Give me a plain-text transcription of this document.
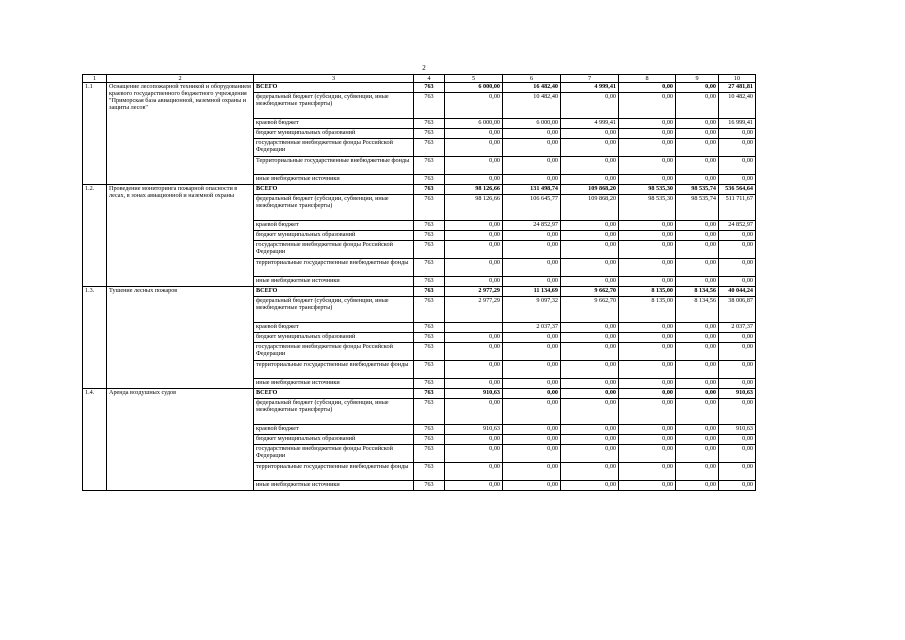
2
1	2	3	4	5	6	7	8	9	10
1.1	Оснащение лесопожарной техникой и оборудованием краевого государственного бюджетного учреждения "Приморская база авиационной, наземной охраны и защиты лесов"	ВСЕГО	763	6 000,00	16 482,40	4 999,41	0,00	0,00	27 481,81
		федеральный бюджет (субсидии, субвенции, иные межбюджетные трансферты)	763	0,00	10 482,40	0,00	0,00	0,00	10 482,40
		краевой бюджет	763	6 000,00	6 000,00	4 999,41	0,00	0,00	16 999,41
		бюджет муниципальных образований	763	0,00	0,00	0,00	0,00	0,00	0,00
		государственные внебюджетные фонды Российской Федерации	763	0,00	0,00	0,00	0,00	0,00	0,00
		Территориальные государственные внебюджетные фонды	763	0,00	0,00	0,00	0,00	0,00	0,00
		иные внебюджетные источники	763	0,00	0,00	0,00	0,00	0,00	0,00
1.2.	Проведение мониторинга пожарной опасности в лесах, в зонах авиационной и наземной охраны	ВСЕГО	763	98 126,66	131 498,74	109 868,20	98 535,30	98 535,74	536 564,64
		федеральный бюджет (субсидии, субвенции, иные межбюджетные трансферты)	763	98 126,66	106 645,77	109 868,20	98 535,30	98 535,74	511 711,67
		краевой бюджет	763	0,00	24 852,97	0,00	0,00	0,00	24 852,97
		бюджет муниципальных образований	763	0,00	0,00	0,00	0,00	0,00	0,00
		государственные внебюджетные фонды Российской Федерации	763	0,00	0,00	0,00	0,00	0,00	0,00
		территориальные государственные внебюджетные фонды	763	0,00	0,00	0,00	0,00	0,00	0,00
		иные внебюджетные источники	763	0,00	0,00	0,00	0,00	0,00	0,00
1.3.	Тушение лесных пожаров	ВСЕГО	763	2 977,29	11 134,69	9 662,70	8 135,00	8 134,56	40 044,24
		федеральный бюджет (субсидии, субвенции, иные межбюджетные трансферты)	763	2 977,29	9 097,32	9 662,70	8 135,00	8 134,56	38 006,87
		краевой бюджет	763		2 037,37	0,00	0,00	0,00	2 037,37
		бюджет муниципальных образований	763	0,00	0,00	0,00	0,00	0,00	0,00
		государственные внебюджетные фонды Российской Федерации	763	0,00	0,00	0,00	0,00	0,00	0,00
		территориальные государственные внебюджетные фонды	763	0,00	0,00	0,00	0,00	0,00	0,00
		иные внебюджетные источники	763	0,00	0,00	0,00	0,00	0,00	0,00
1.4.	Аренда воздушных судов	ВСЕГО	763	910,63	0,00	0,00	0,00	0,00	910,63
		федеральный бюджет (субсидии, субвенции, иные межбюджетные трансферты)	763	0,00	0,00	0,00	0,00	0,00	0,00
		краевой бюджет	763	910,63	0,00	0,00	0,00	0,00	910,63
		бюджет муниципальных образований	763	0,00	0,00	0,00	0,00	0,00	0,00
		государственные внебюджетные фонды Российской Федерации	763	0,00	0,00	0,00	0,00	0,00	0,00
		территориальные государственные внебюджетные фонды	763	0,00	0,00	0,00	0,00	0,00	0,00
		иные внебюджетные источники	763	0,00	0,00	0,00	0,00	0,00	0,00
